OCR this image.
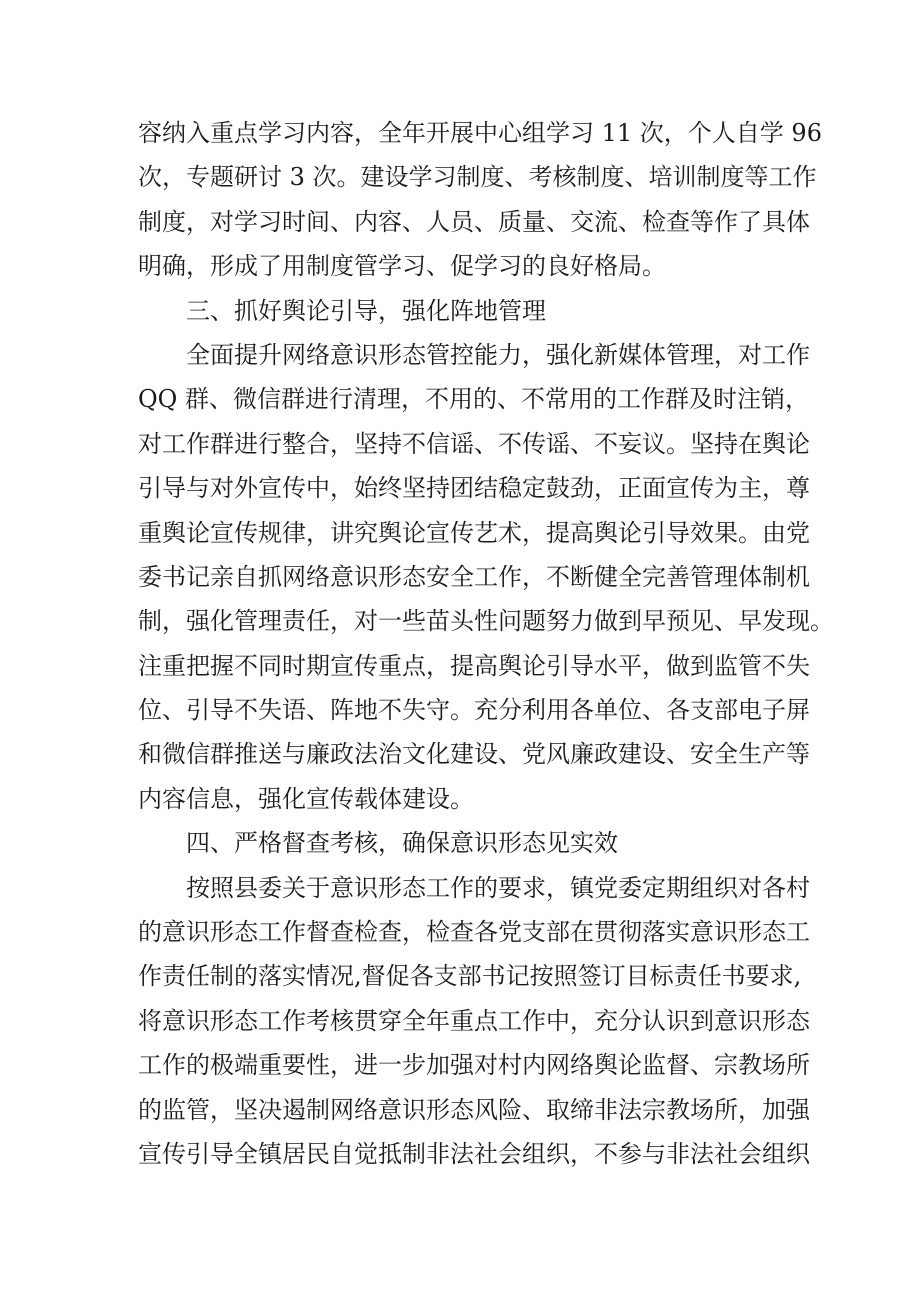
容纳入重点学习内容，全年开展中心组学习 11 次，个人自学 96
次，专题研讨 3 次。建设学习制度、考核制度、培训制度等工作
制度，对学习时间、内容、人员、质量、交流、检查等作了具体
明确，形成了用制度管学习、促学习的良好格局。
三、抓好舆论引导，强化阵地管理
全面提升网络意识形态管控能力，强化新媒体管理，对工作
QQ 群、微信群进行清理，不用的、不常用的工作群及时注销，
对工作群进行整合，坚持不信谣、不传谣、不妄议。坚持在舆论
引导与对外宣传中，始终坚持团结稳定鼓劲，正面宣传为主，尊
重舆论宣传规律，讲究舆论宣传艺术，提高舆论引导效果。由党
委书记亲自抓网络意识形态安全工作，不断健全完善管理体制机
制，强化管理责任，对一些苗头性问题努力做到早预见、早发现。
注重把握不同时期宣传重点，提高舆论引导水平，做到监管不失
位、引导不失语、阵地不失守。充分利用各单位、各支部电子屏
和微信群推送与廉政法治文化建设、党风廉政建设、安全生产等
内容信息，强化宣传载体建设。
四、严格督查考核，确保意识形态见实效
按照县委关于意识形态工作的要求，镇党委定期组织对各村
的意识形态工作督查检查，检查各党支部在贯彻落实意识形态工
作责任制的落实情况,督促各支部书记按照签订目标责任书要求,
将意识形态工作考核贯穿全年重点工作中，充分认识到意识形态
工作的极端重要性，进一步加强对村内网络舆论监督、宗教场所
的监管，坚决遏制网络意识形态风险、取缔非法宗教场所，加强
宣传引导全镇居民自觉抵制非法社会组织，不参与非法社会组织
